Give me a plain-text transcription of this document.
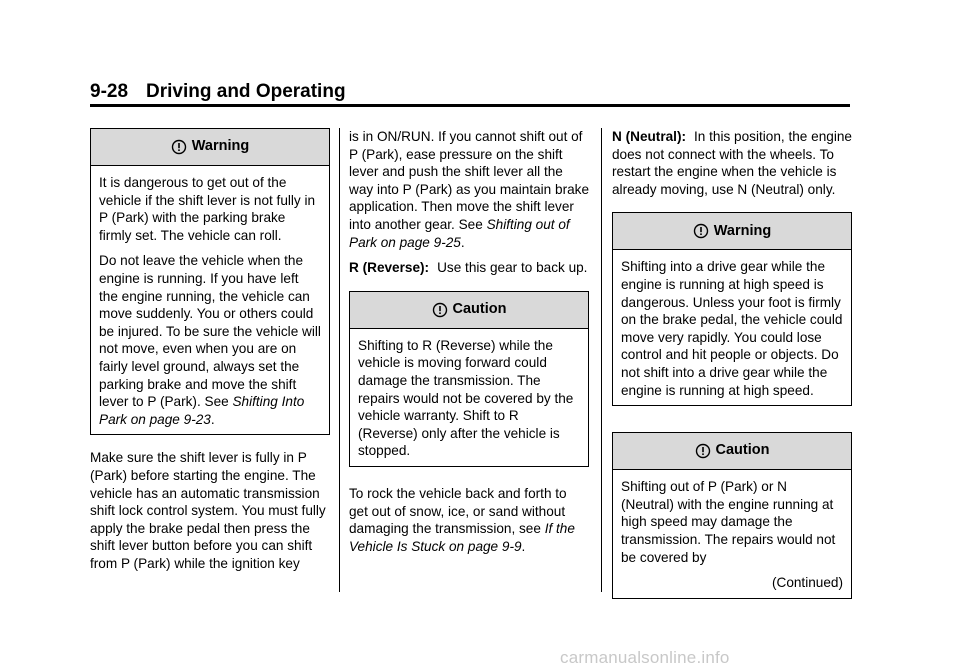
9-28 Driving and Operating
Warning

It is dangerous to get out of the vehicle if the shift lever is not fully in P (Park) with the parking brake firmly set. The vehicle can roll.

Do not leave the vehicle when the engine is running. If you have left the engine running, the vehicle can move suddenly. You or others could be injured. To be sure the vehicle will not move, even when you are on fairly level ground, always set the parking brake and move the shift lever to P (Park). See Shifting Into Park on page 9-23.

Make sure the shift lever is fully in P (Park) before starting the engine. The vehicle has an automatic transmission shift lock control system. You must fully apply the brake pedal then press the shift lever button before you can shift from P (Park) while the ignition key

is in ON/RUN. If you cannot shift out of P (Park), ease pressure on the shift lever and push the shift lever all the way into P (Park) as you maintain brake application. Then move the shift lever into another gear. See Shifting out of Park on page 9-25.

R (Reverse): Use this gear to back up.

Caution

Shifting to R (Reverse) while the vehicle is moving forward could damage the transmission. The repairs would not be covered by the vehicle warranty. Shift to R (Reverse) only after the vehicle is stopped.

To rock the vehicle back and forth to get out of snow, ice, or sand without damaging the transmission, see If the Vehicle Is Stuck on page 9-9.

N (Neutral): In this position, the engine does not connect with the wheels. To restart the engine when the vehicle is already moving, use N (Neutral) only.

Warning

Shifting into a drive gear while the engine is running at high speed is dangerous. Unless your foot is firmly on the brake pedal, the vehicle could move very rapidly. You could lose control and hit people or objects. Do not shift into a drive gear while the engine is running at high speed.

Caution

Shifting out of P (Park) or N (Neutral) with the engine running at high speed may damage the transmission. The repairs would not be covered by

(Continued)

carmanualsonline.info
